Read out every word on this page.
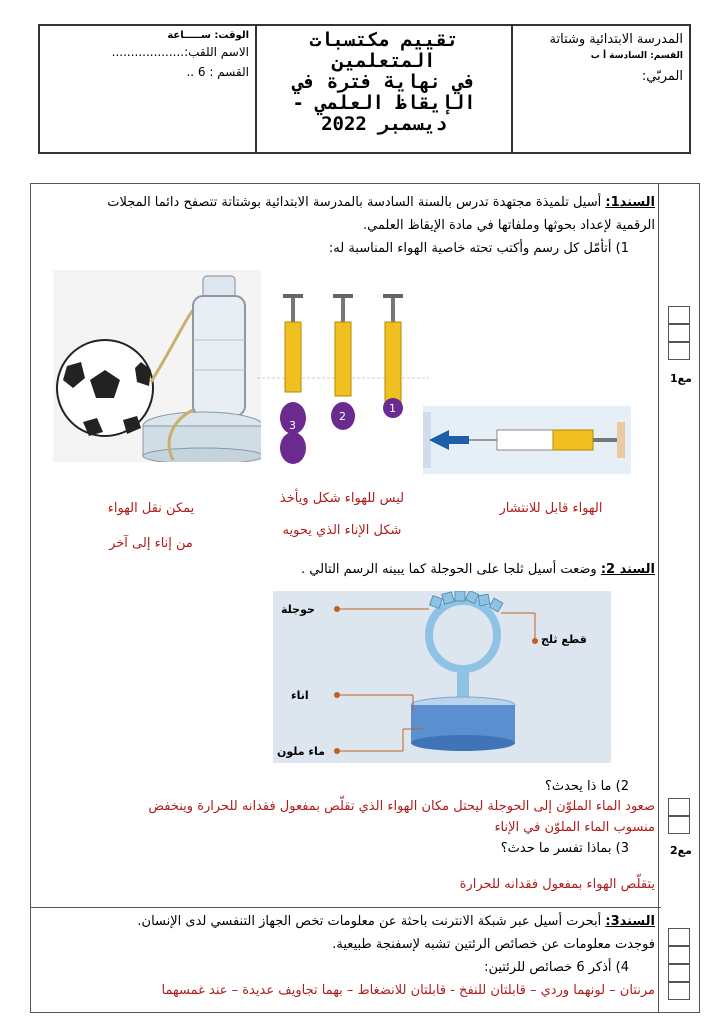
المدرسة الابتدائية وشتاتة
القسم: السادسة أ ب
المربّي:
تقييم مكتسبات
المتعلمين
في نهاية فترة في
الإيقاظ العلمي -
ديسمبر 2022
الوقت: ســـــاعة
الاسم اللقب:...................
القسم : 6 ..
مع1
مع2
السند1: أسيل تلميذة مجتهدة تدرس بالسنة السادسة بالمدرسة الابتدائية بوشتاتة تتصفح دائما المجلات
الرقمية لإعداد بحوثها وملفاتها في مادة الإيقاظ العلمي.
1) أتأمّل كل رسم وأكتب تحته خاصية الهواء المناسبة له:
3
2
1
الهواء قابل للانتشار
ليس للهواء شكل ويأخذ
شكل الإناء الذي يحويه
يمكن نقل الهواء
من إناء إلى آخر
السند 2: وضعت أسيل ثلجا على الحوجلة كما يبينه الرسم التالي .
حوجلة
قطع ثلج
اناء
ماء ملون
2) ما ذا يحدث؟
صعود الماء الملوّن إلى الحوجلة ليحتل مكان الهواء الذي تقلّص بمفعول فقدانه للحرارة وينخفض
منسوب الماء الملوّن في الإناء
3) بماذا تفسر ما حدث؟
يتقلّص الهواء بمفعول فقدانه للحرارة
السند3: أبحرت أسيل عبر شبكة الانترنت باحثة عن معلومات تخص الجهاز التنفسي لدى الإنسان.
فوجدت معلومات عن خصائص الرئتين تشبه لإسفنجة طبيعية.
4) أذكر 6 خصائص للرئتين:
مرنتان – لونهما وردي – قابلتان للنفخ - قابلتان للانضغاط – بهما تجاويف عديدة – عند غمسهما
